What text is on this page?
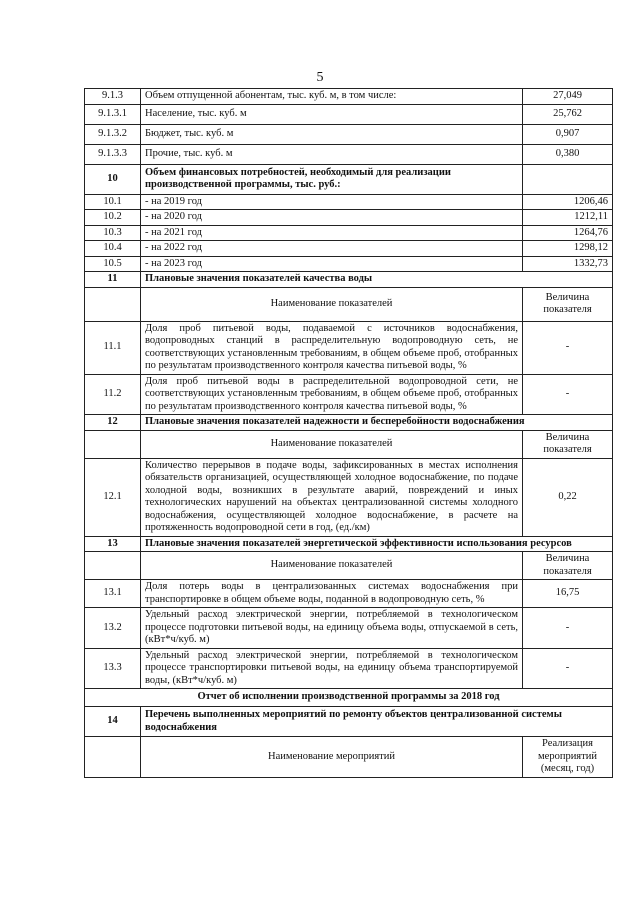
5
9.1.3	Объем отпущенной абонентам, тыс. куб. м, в том числе:	27,049
9.1.3.1	Население, тыс. куб. м	25,762
9.1.3.2	Бюджет, тыс. куб. м	0,907
9.1.3.3	Прочие, тыс. куб. м	0,380
10	Объем финансовых потребностей, необходимый для реализации производственной программы, тыс. руб.:	
10.1	- на 2019 год	1206,46
10.2	- на 2020 год	1212,11
10.3	- на 2021 год	1264,76
10.4	- на 2022 год	1298,12
10.5	- на 2023 год	1332,73
11	Плановые значения показателей качества воды	
	Наименование показателей	Величина показателя
11.1	Доля проб питьевой воды, подаваемой с источников водоснабжения, водопроводных станций в распределительную водопроводную сеть, не соответствующих установленным требованиям, в общем объеме проб, отобранных по результатам производственного контроля качества питьевой воды, %	-
11.2	Доля проб питьевой воды в распределительной водопроводной сети, не соответствующих установленным требованиям, в общем объеме проб, отобранных по результатам производственного контроля качества питьевой воды, %	-
12	Плановые значения показателей надежности и бесперебойности водоснабжения	
	Наименование показателей	Величина показателя
12.1	Количество перерывов в подаче воды, зафиксированных в местах исполнения обязательств организацией, осуществляющей холодное водоснабжение, по подаче холодной воды, возникших в результате аварий, повреждений и иных технологических нарушений на объектах централизованной системы холодного водоснабжения, осуществляющей холодное водоснабжение, в расчете на протяженность водопроводной сети в год, (ед./км)	0,22
13	Плановые значения показателей энергетической эффективности использования ресурсов	
	Наименование показателей	Величина показателя
13.1	Доля потерь воды в централизованных системах водоснабжения при транспортировке в общем объеме воды, поданной в водопроводную сеть, %	16,75
13.2	Удельный расход электрической энергии, потребляемой в технологическом процессе подготовки питьевой воды, на единицу объема воды, отпускаемой в сеть, (кВт*ч/куб. м)	-
13.3	Удельный расход электрической энергии, потребляемой в технологическом процессе транспортировки питьевой воды, на единицу объема транспортируемой воды, (кВт*ч/куб. м)	-
Отчет об исполнении производственной программы за 2018 год		
14	Перечень выполненных мероприятий по ремонту объектов централизованной системы водоснабжения	
	Наименование мероприятий	Реализация мероприятий (месяц, год)
